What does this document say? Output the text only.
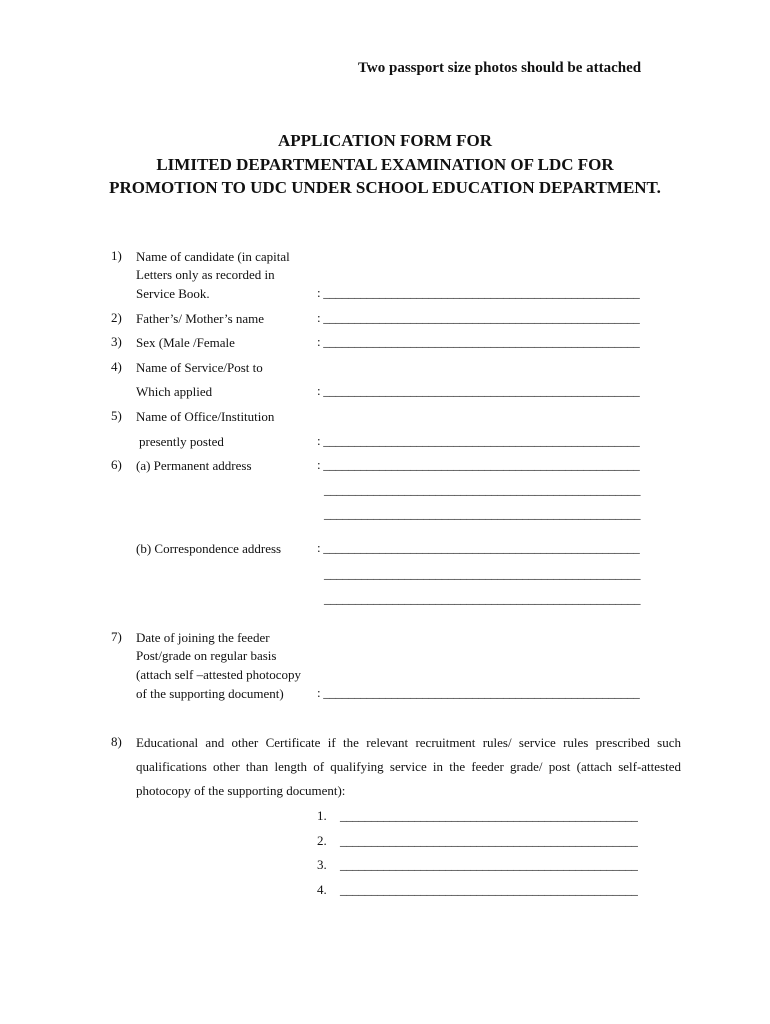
Two passport size photos should be attached
APPLICATION FORM FOR
LIMITED DEPARTMENTAL EXAMINATION OF LDC FOR
PROMOTION TO UDC UNDER SCHOOL EDUCATION DEPARTMENT.
1) Name of candidate (in capital
Letters only as recorded in
Service Book.	: ___________________________________________________
2) Father’s/ Mother’s name	: ___________________________________________________
3) Sex (Male /Female	: ___________________________________________________
4) Name of Service/Post to
Which applied	: ___________________________________________________
5) Name of Office/Institution
presently posted	: ___________________________________________________
6) (a) Permanent address	: ___________________________________________________
___________________________________________________
___________________________________________________
(b) Correspondence address	: ___________________________________________________
___________________________________________________
___________________________________________________
7) Date of joining the feeder
Post/grade on regular basis
(attach self –attested photocopy
of the supporting document)	: ___________________________________________________
8) Educational and other Certificate if the relevant recruitment rules/ service rules prescribed such qualifications other than length of qualifying service in the feeder grade/ post (attach self-attested photocopy of the supporting document):
1. ________________________________________________
2. ________________________________________________
3. ________________________________________________
4. ________________________________________________
